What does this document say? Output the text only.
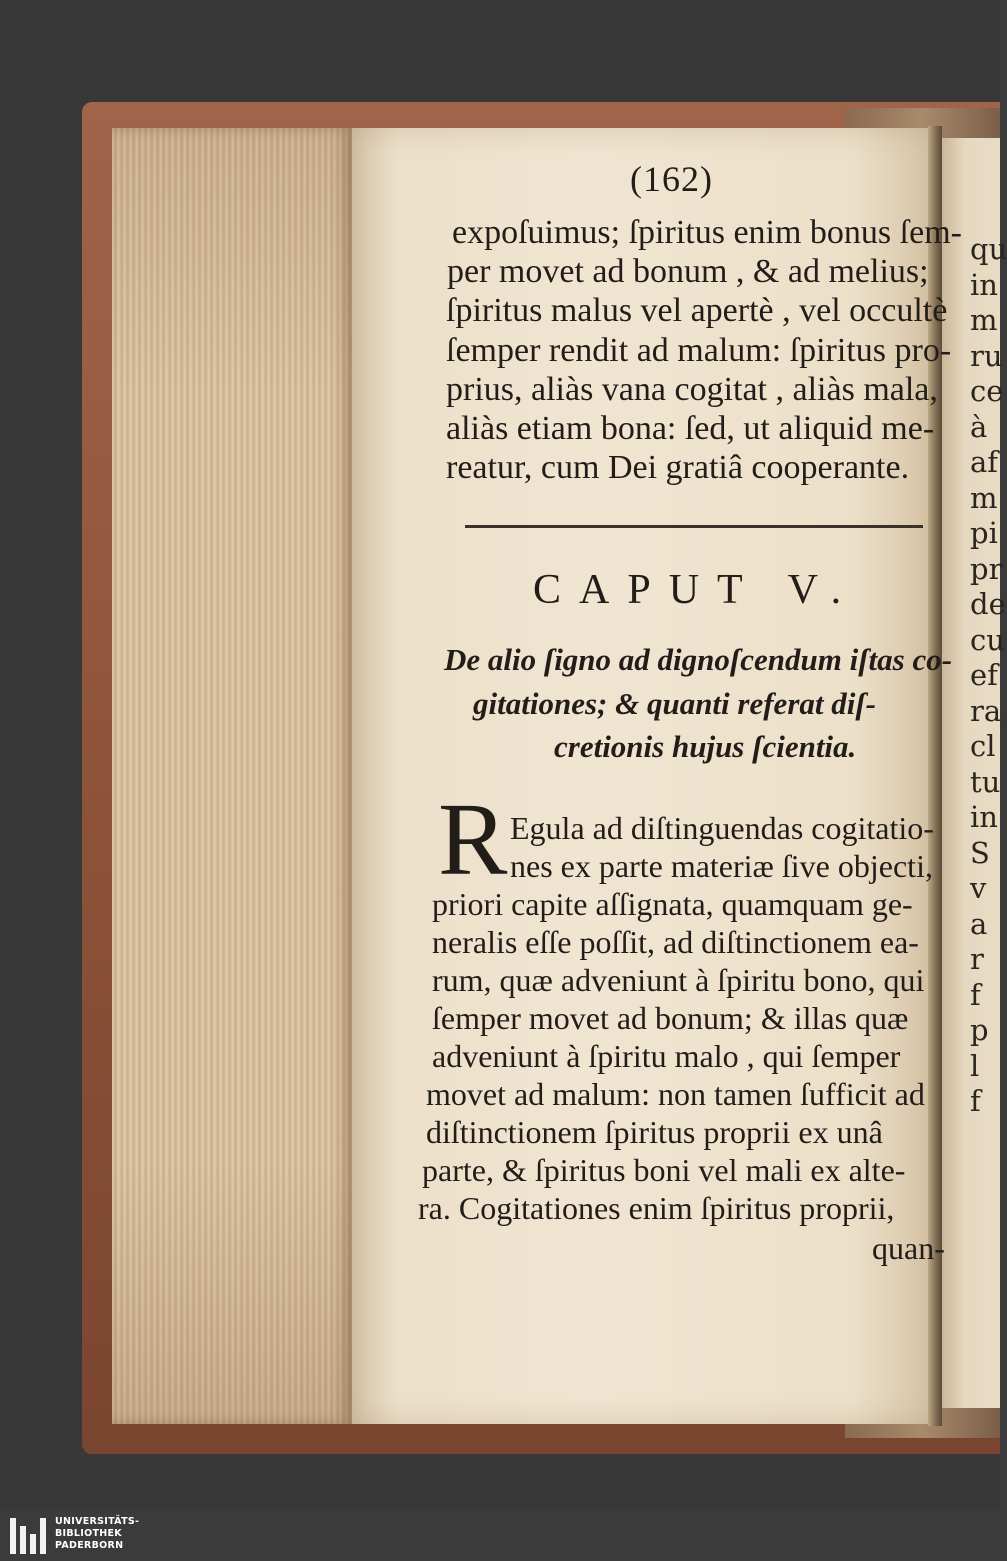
qu
in
m
ru
ce
à
af
m
pi
pr
de
cu
ef
ra
cl
tu
in
S
v
a
r
f
p
l
f
(162)
expoſuimus; ſpiritus enim bonus ſem-
per movet ad bonum , & ad melius;
ſpiritus malus vel apertè , vel occultè
ſemper rendit ad malum: ſpiritus pro-
prius, aliàs vana cogitat , aliàs mala,
aliàs etiam bona: ſed, ut aliquid me-
reatur, cum Dei gratiâ cooperante.
CAPUT V.
De alio ſigno ad dignoſcendum iſtas co-
gitationes; & quanti referat diſ-
cretionis hujus ſcientia.
R Egula ad diſtinguendas cogitatio-
nes ex parte materiæ ſive objecti,
priori capite aſſignata, quamquam ge-
neralis eſſe poſſit, ad diſtinctionem ea-
rum, quæ adveniunt à ſpiritu bono, qui
ſemper movet ad bonum; & illas quæ
adveniunt à ſpiritu malo , qui ſemper
movet ad malum: non tamen ſufficit ad
diſtinctionem ſpiritus proprii ex unâ
parte, & ſpiritus boni vel mali ex alte-
ra. Cogitationes enim ſpiritus proprii,
quan-
UNIVERSITÄTS-
BIBLIOTHEK
PADERBORN
